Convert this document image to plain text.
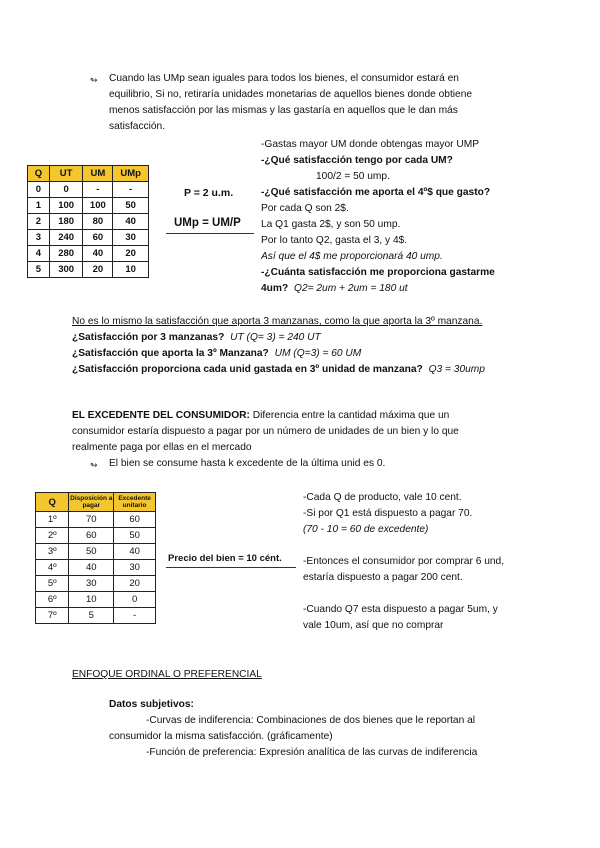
↬ Cuando las UMp sean iguales para todos los bienes, el consumidor estará en
equilibrio, Si no, retiraría unidades monetarias de aquellos bienes donde obtiene
menos satisfacción por las mismas y las gastaría en aquellos que le dan más
satisfacción.
Q	UT	UM	UMp
0	0	-	-
1	100	100	50
2	180	80	40
3	240	60	30
4	280	40	20
5	300	20	10
P = 2 u.m.
UMp = UM/P
-Gastas mayor UM donde obtengas mayor UMP
-¿Qué satisfacción tengo por cada UM?
100/2 = 50 ump.
-¿Qué satisfacción me aporta el 4º$ que gasto?
Por cada Q son 2$.
La Q1 gasta 2$, y son 50 ump.
Por lo tanto Q2, gasta el 3, y 4$.
Así que el 4$ me proporcionará 40 ump.
-¿Cuánta satisfacción me proporciona gastarme
4um? Q2= 2um + 2um = 180 ut
No es lo mismo la satisfacción que aporta 3 manzanas, como la que aporta la 3º manzana.
¿Satisfacción por 3 manzanas? UT (Q= 3) = 240 UT
¿Satisfacción que aporta la 3º Manzana? UM (Q=3) = 60 UM
¿Satisfacción proporciona cada unid gastada en 3º unidad de manzana? Q3 = 30ump
EL EXCEDENTE DEL CONSUMIDOR: Diferencia entre la cantidad máxima que un
consumidor estaría dispuesto a pagar por un número de unidades de un bien y lo que
realmente paga por ellas en el mercado
↬ El bien se consume hasta k excedente de la última unid es 0.
Q	Disposición a pagar	Excedente unitario
1º	70	60
2º	60	50
3º	50	40
4º	40	30
5º	30	20
6º	10	0
7º	5	-
Precio del bien = 10 cént.
-Cada Q de producto, vale 10 cent.
-Si por Q1 está dispuesto a pagar 70.
(70 - 10 = 60 de excedente)
-Entonces el consumidor por comprar 6 und,
estaría dispuesto a pagar 200 cent.
-Cuando Q7 esta dispuesto a pagar 5um, y
vale 10um, así que no comprar
ENFOQUE ORDINAL O PREFERENCIAL
Datos subjetivos:
-Curvas de indiferencia: Combinaciones de dos bienes que le reportan al
consumidor la misma satisfacción. (gráficamente)
-Función de preferencia: Expresión analítica de las curvas de indiferencia
